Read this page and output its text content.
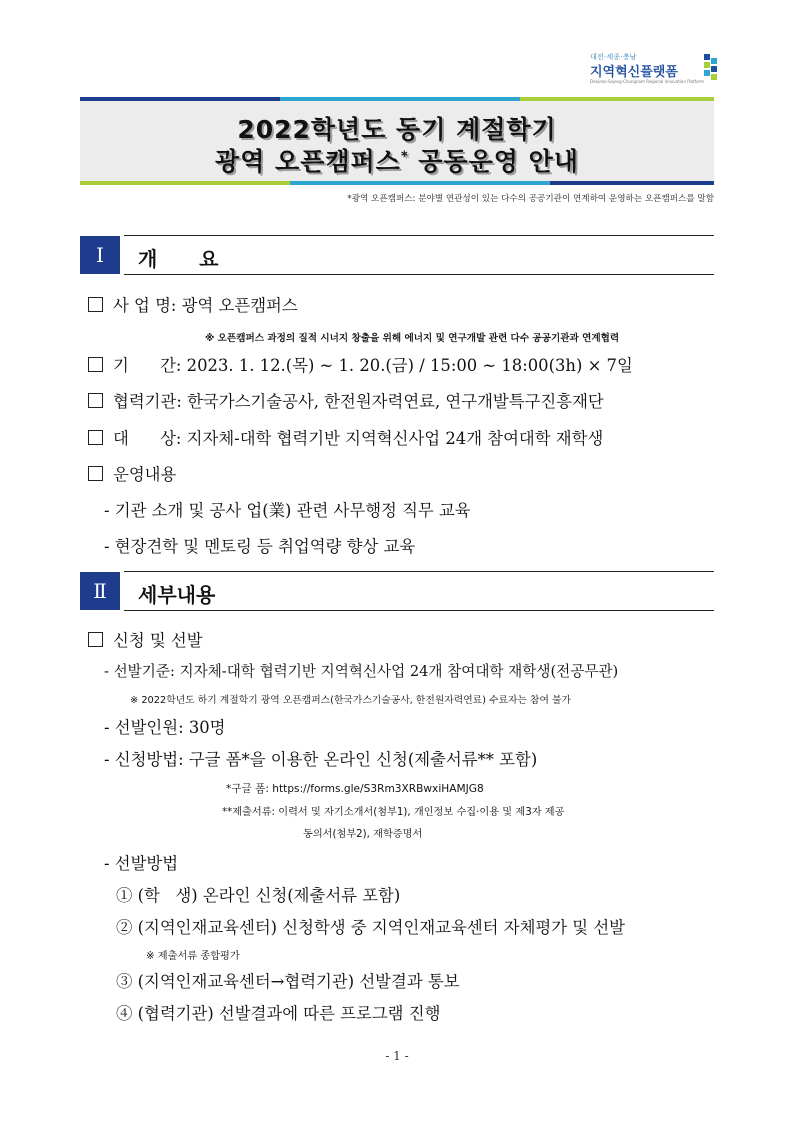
대전·세종·충남
지역혁신플랫폼
Daejeon-Sejong-Chungnam Regional Innovation Platform
2022학년도 동기 계절학기
광역 오픈캠퍼스* 공동운영 안내
*광역 오픈캠퍼스: 분야별 연관성이 있는 다수의 공공기관이 연계하여 운영하는 오픈캠퍼스를 말함
Ⅰ	개      요
사 업 명: 광역 오픈캠퍼스
※ 오픈캠퍼스 과정의 질적 시너지 창출을 위해 에너지 및 연구개발 관련 다수 공공기관과 연계협력
기      간: 2023. 1. 12.(목) ~ 1. 20.(금) / 15:00 ~ 18:00(3h) × 7일
협력기관: 한국가스기술공사, 한전원자력연료, 연구개발특구진흥재단
대      상: 지자체-대학 협력기반 지역혁신사업 24개 참여대학 재학생
운영내용
- 기관 소개 및 공사 업(業) 관련 사무행정 직무 교육
- 현장견학 및 멘토링 등 취업역량 향상 교육
Ⅱ	세부내용
신청 및 선발
- 선발기준: 지자체-대학 협력기반 지역혁신사업 24개 참여대학 재학생(전공무관)
※ 2022학년도 하기 계절학기 광역 오픈캠퍼스(한국가스기술공사, 한전원자력연료) 수료자는 참여 불가
- 선발인원: 30명
- 신청방법: 구글 폼*을 이용한 온라인 신청(제출서류** 포함)
*구글 폼: https://forms.gle/S3Rm3XRBwxiHAMJG8
**제출서류: 이력서 및 자기소개서(첨부1), 개인정보 수집·이용 및 제3자 제공
동의서(첨부2), 재학증명서
- 선발방법
① (학   생) 온라인 신청(제출서류 포함)
② (지역인재교육센터) 신청학생 중 지역인재교육센터 자체평가 및 선발
※ 제출서류 종합평가
③ (지역인재교육센터→협력기관) 선발결과 통보
④ (협력기관) 선발결과에 따른 프로그램 진행
- 1 -
